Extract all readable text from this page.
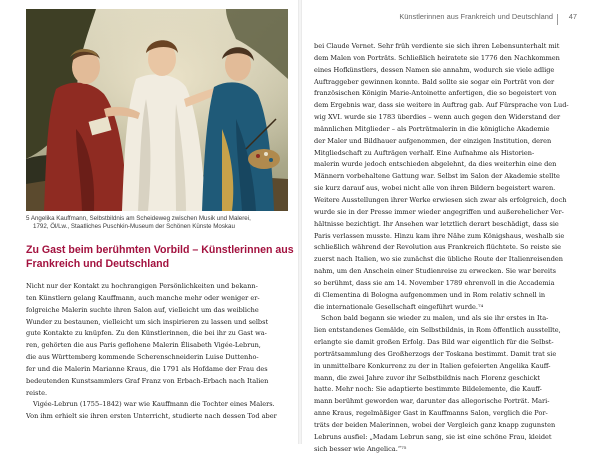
5 Angelika Kauffmann, Selbstbildnis am Scheideweg zwischen Musik und Malerei,
1792, Öl/Lw., Staatliches Puschkin-Museum der Schönen Künste Moskau
Zu Gast beim berühmten Vorbild – Künstlerinnen aus
Frankreich und Deutschland
Nicht nur der Kontakt zu hochrangigen Persönlichkeiten und bekann-
ten Künstlern gelang Kauffmann, auch manche mehr oder weniger er-
folgreiche Malerin suchte ihren Salon auf, vielleicht um das weibliche
Wunder zu bestaunen, vielleicht um sich inspirieren zu lassen und selbst
gute Kontakte zu knüpfen. Zu den Künstlerinnen, die bei ihr zu Gast wa-
ren, gehörten die aus Paris geflohene Malerin Élisabeth Vigée-Lebrun,
die aus Württemberg kommende Scherenschneiderin Luise Duttenho-
fer und die Malerin Marianne Kraus, die 1791 als Hofdame der Frau des
bedeutenden Kunstsammlers Graf Franz von Erbach-Erbach nach Italien
reiste.
Vigée-Lebrun (1755–1842) war wie Kauffmann die Tochter eines Malers.
Von ihm erhielt sie ihren ersten Unterricht, studierte nach dessen Tod aber
Künstlerinnen aus Frankreich und Deutschland 47
bei Claude Vernet. Sehr früh verdiente sie sich ihren Lebensunterhalt mit
dem Malen von Porträts. Schließlich heiratete sie 1776 den Nachkommen
eines Hofkünstlers, dessen Namen sie annahm, wodurch sie viele adlige
Auftraggeber gewinnen konnte. Bald sollte sie sogar ein Porträt von der
französischen Königin Marie-Antoinette anfertigen, die so begeistert von
dem Ergebnis war, dass sie weitere in Auftrag gab. Auf Fürsprache von Lud-
wig XVI. wurde sie 1783 überdies – wenn auch gegen den Widerstand der
männlichen Mitglieder – als Porträtmalerin in die königliche Akademie
der Maler und Bildhauer aufgenommen, der einzigen Institution, deren
Mitgliedschaft zu Aufträgen verhalf. Eine Aufnahme als Historien-
malerin wurde jedoch entschieden abgelehnt, da dies weiterhin eine den
Männern vorbehaltene Gattung war. Selbst im Salon der Akademie stellte
sie kurz darauf aus, wobei nicht alle von ihren Bildern begeistert waren.
Weitere Ausstellungen ihrer Werke erwiesen sich zwar als erfolgreich, doch
wurde sie in der Presse immer wieder angegriffen und außerehelicher Ver-
hältnisse bezichtigt. Ihr Ansehen war letztlich derart beschädigt, dass sie
Paris verlassen musste. Hinzu kam ihre Nähe zum Königshaus, weshalb sie
schließlich während der Revolution aus Frankreich flüchtete. So reiste sie
zuerst nach Italien, wo sie zunächst die übliche Route der Italienreisenden
nahm, um den Anschein einer Studienreise zu erwecken. Sie war bereits
so berühmt, dass sie am 14. November 1789 ehrenvoll in die Accademia
di Clementina di Bologna aufgenommen und in Rom relativ schnell in
die internationale Gesellschaft eingeführt wurde.⁷⁴
Schon bald begann sie wieder zu malen, und als sie ihr erstes in Ita-
lien entstandenes Gemälde, ein Selbstbildnis, in Rom öffentlich ausstellte,
erlangte sie damit großen Erfolg. Das Bild war eigentlich für die Selbst-
porträtsammlung des Großherzogs der Toskana bestimmt. Damit trat sie
in unmittelbare Konkurrenz zu der in Italien gefeierten Angelika Kauff-
mann, die zwei Jahre zuvor ihr Selbstbildnis nach Florenz geschickt
hatte. Mehr noch: Sie adaptierte bestimmte Bildelemente, die Kauff-
mann berühmt geworden war, darunter das allegorische Porträt. Mari-
anne Kraus, regelmäßiger Gast in Kauffmanns Salon, verglich die Por-
träts der beiden Malerinnen, wobei der Vergleich ganz knapp zugunsten
Lebruns ausfiel: „Madam Lebrun sang, sie ist eine schöne Frau, kleidet
sich besser wie Angelica.“⁷⁵
